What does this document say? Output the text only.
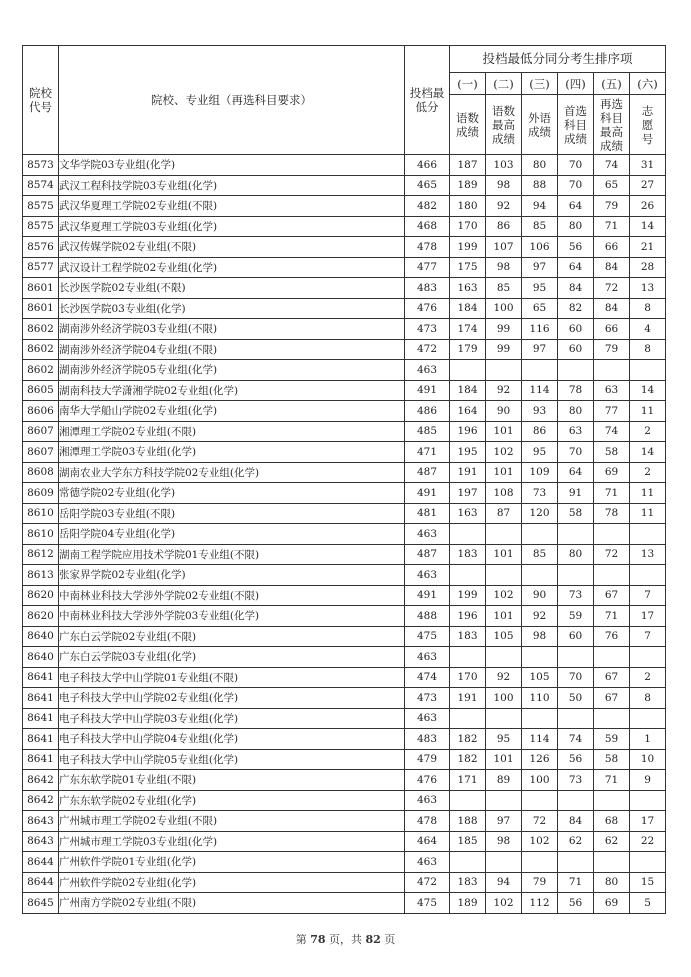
院校代号	院校、专业组（再选科目要求）	投档最低分	投档最低分同分考生排序项					
			(一)	(二)	(三)	(四)	(五)	(六)
			语数成绩	语数最高成绩	外语成绩	首选科目成绩	再选科目最高成绩	志愿号
8573	文华学院03专业组(化学)	466	187	103	80	70	74	31
8574	武汉工程科技学院03专业组(化学)	465	189	98	88	70	65	27
8575	武汉华夏理工学院02专业组(不限)	482	180	92	94	64	79	26
8575	武汉华夏理工学院03专业组(化学)	468	170	86	85	80	71	14
8576	武汉传媒学院02专业组(不限)	478	199	107	106	56	66	21
8577	武汉设计工程学院02专业组(化学)	477	175	98	97	64	84	28
8601	长沙医学院02专业组(不限)	483	163	85	95	84	72	13
8601	长沙医学院03专业组(化学)	476	184	100	65	82	84	8
8602	湖南涉外经济学院03专业组(不限)	473	174	99	116	60	66	4
8602	湖南涉外经济学院04专业组(不限)	472	179	99	97	60	79	8
8602	湖南涉外经济学院05专业组(化学)	463						
8605	湖南科技大学潇湘学院02专业组(化学)	491	184	92	114	78	63	14
8606	南华大学船山学院02专业组(化学)	486	164	90	93	80	77	11
8607	湘潭理工学院02专业组(不限)	485	196	101	86	63	74	2
8607	湘潭理工学院03专业组(化学)	471	195	102	95	70	58	14
8608	湖南农业大学东方科技学院02专业组(化学)	487	191	101	109	64	69	2
8609	常德学院02专业组(化学)	491	197	108	73	91	71	11
8610	岳阳学院03专业组(不限)	481	163	87	120	58	78	11
8610	岳阳学院04专业组(化学)	463						
8612	湖南工程学院应用技术学院01专业组(不限)	487	183	101	85	80	72	13
8613	张家界学院02专业组(化学)	463						
8620	中南林业科技大学涉外学院02专业组(不限)	491	199	102	90	73	67	7
8620	中南林业科技大学涉外学院03专业组(化学)	488	196	101	92	59	71	17
8640	广东白云学院02专业组(不限)	475	183	105	98	60	76	7
8640	广东白云学院03专业组(化学)	463						
8641	电子科技大学中山学院01专业组(不限)	474	170	92	105	70	67	2
8641	电子科技大学中山学院02专业组(化学)	473	191	100	110	50	67	8
8641	电子科技大学中山学院03专业组(化学)	463						
8641	电子科技大学中山学院04专业组(化学)	483	182	95	114	74	59	1
8641	电子科技大学中山学院05专业组(化学)	479	182	101	126	56	58	10
8642	广东东软学院01专业组(不限)	476	171	89	100	73	71	9
8642	广东东软学院02专业组(化学)	463						
8643	广州城市理工学院02专业组(不限)	478	188	97	72	84	68	17
8643	广州城市理工学院03专业组(化学)	464	185	98	102	62	62	22
8644	广州软件学院01专业组(化学)	463						
8644	广州软件学院02专业组(化学)	472	183	94	79	71	80	15
8645	广州南方学院02专业组(不限)	475	189	102	112	56	69	5
第 78 页，共 82 页
